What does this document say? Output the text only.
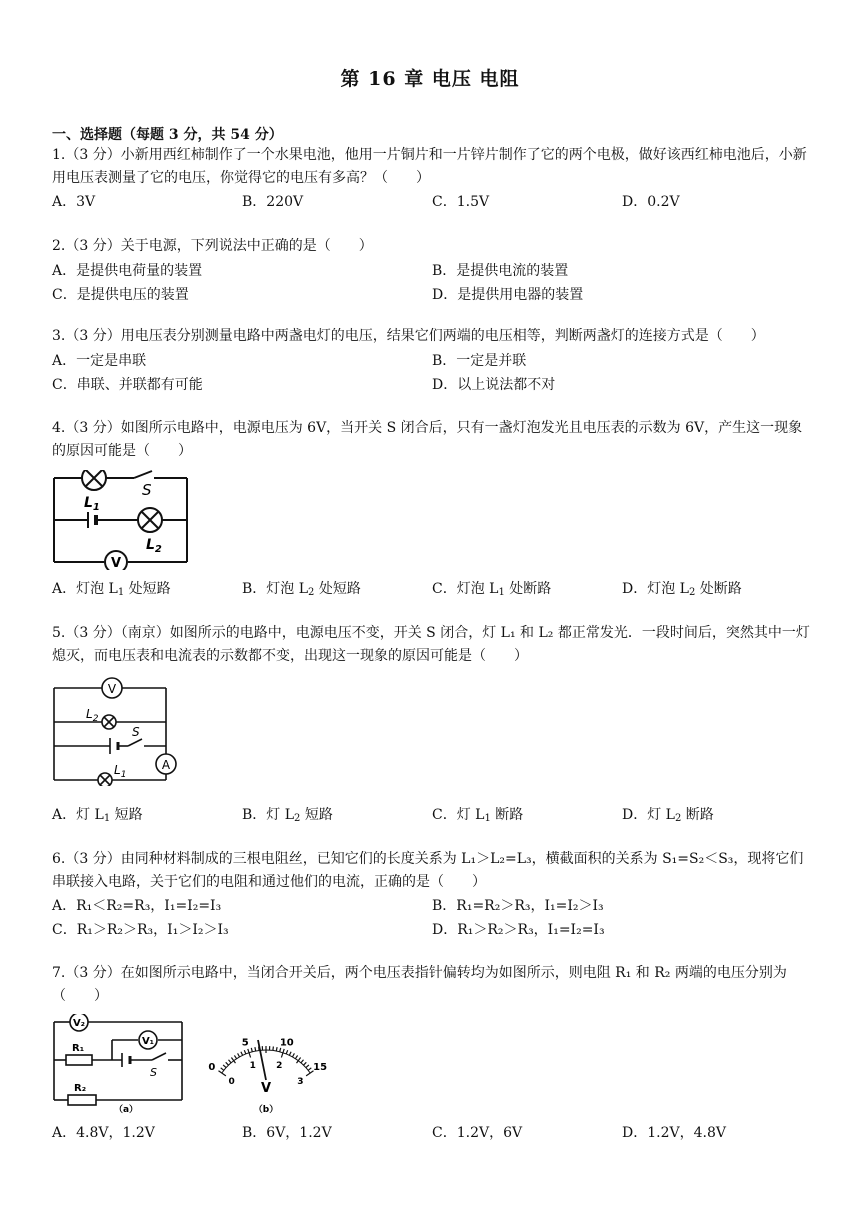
第 16 章 电压 电阻
一、选择题（每题 3 分，共 54 分）
1.（3 分）小新用西红柿制作了一个水果电池，他用一片铜片和一片锌片制作了它的两个电极，做好该西红柿电池后，小新用电压表测量了它的电压，你觉得它的电压有多高？（　　）
A．3V	B．220V	C．1.5V	D．0.2V
2.（3 分）关于电源，下列说法中正确的是（　　）
A．是提供电荷量的装置	B．是提供电流的装置
C．是提供电压的装置	D．是提供用电器的装置
3.（3 分）用电压表分别测量电路中两盏电灯的电压，结果它们两端的电压相等，判断两盏灯的连接方式是（　　）
A．一定是串联	B．一定是并联
C．串联、并联都有可能	D．以上说法都不对
4.（3 分）如图所示电路中，电源电压为 6V，当开关 S 闭合后，只有一盏灯泡发光且电压表的示数为 6V，产生这一现象的原因可能是（　　）
V
S
$L_1$
$L_2$
A．灯泡 $L_1$ 处短路	B．灯泡 $L_2$ 处短路	C．灯泡 $L_1$ 处断路	D．灯泡 $L_2$ 处断路
5.（3 分）（南京）如图所示的电路中，电源电压不变，开关 S 闭合，灯 L₁ 和 L₂ 都正常发光．一段时间后，突然其中一灯熄灭，而电压表和电流表的示数都不变，出现这一现象的原因可能是（　　）
V
A
$L_2$
S
$L_1$
A．灯 $L_1$ 短路	B．灯 $L_2$ 短路	C．灯 $L_1$ 断路	D．灯 $L_2$ 断路
6.（3 分）由同种材料制成的三根电阻丝，已知它们的长度关系为 L₁＞L₂=L₃，横截面积的关系为 S₁=S₂＜S₃，现将它们串联接入电路，关于它们的电阻和通过他们的电流，正确的是（　　）
A．R₁＜R₂=R₃，I₁=I₂=I₃	B．R₁=R₂＞R₃，I₁=I₂＞I₃
C．R₁＞R₂＞R₃，I₁＞I₂＞I₃	D．R₁＞R₂＞R₃，I₁=I₂=I₃
7.（3 分）在如图所示电路中，当闭合开关后，两个电压表指针偏转均为如图所示，则电阻 R₁ 和 R₂ 两端的电压分别为（　　）
V₂
V₁
R₁
S
R₂
（a）
0
5	10
15
0
1 2
3
V
（b）
A．4.8V，1.2V	B．6V，1.2V	C．1.2V，6V	D．1.2V，4.8V
